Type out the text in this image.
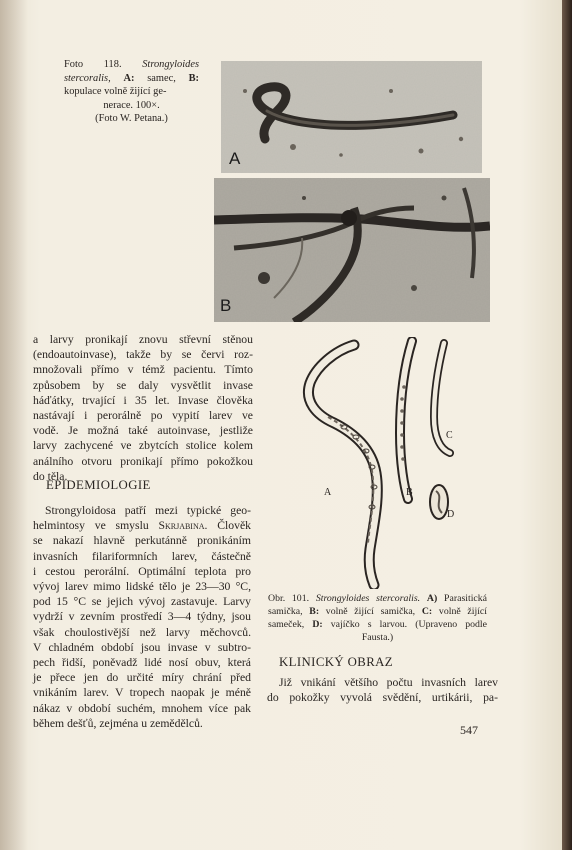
Foto 118. Strongyloides stercoralis, A: samec, B: kopulace volně žijící ge-
nerace. 100×.
(Foto W. Petana.)
A
B
a larvy pronikají znovu střevní stěnou
(endoautoinvase), takže by se červi roz-
množovali přímo v témž pacientu. Tímto
způsobem by se daly vysvětlit invase
háďátky, trvající i 35 let. Invase člověka
nastávají i perorálně po vypití larev ve
vodě. Je možná také autoinvase, jestliže
larvy zachycené ve zbytcích stolice kolem
análního otvoru pronikají přímo pokožkou
do těla.
EPIDEMIOLOGIE
Strongyloidosa patří mezi typické geo-
helmintosy ve smyslu Skrjabina. Člověk
se nakazí hlavně perkutánně pronikáním
invasních filariformních larev, částečně
i cestou perorální. Optimální teplota pro
vývoj larev mimo lidské tělo je 23—30 °C,
pod 15 °C se jejich vývoj zastavuje. Larvy
vydrží v zevním prostředí 3—4 týdny, jsou
však choulostivější než larvy měchovců.
V chladném období jsou invase v subtro-
pech řidší, poněvadž lidé nosí obuv, která
je přece jen do určité míry chrání před
vnikáním larev. V tropech naopak je méně
nákaz v období suchém, mnohem více pak
během dešťů, zejména u zemědělců.
A	B
C
D
Obr. 101. Strongyloides stercoralis. A) Parasitická
samička, B: volně žijící samička, C: volně žijící
sameček, D: vajíčko s larvou. (Upraveno podle
Fausta.)
KLINICKÝ OBRAZ
Již vnikání většího počtu invasních larev
do pokožky vyvolá svědění, urtikárii, pa-
547
